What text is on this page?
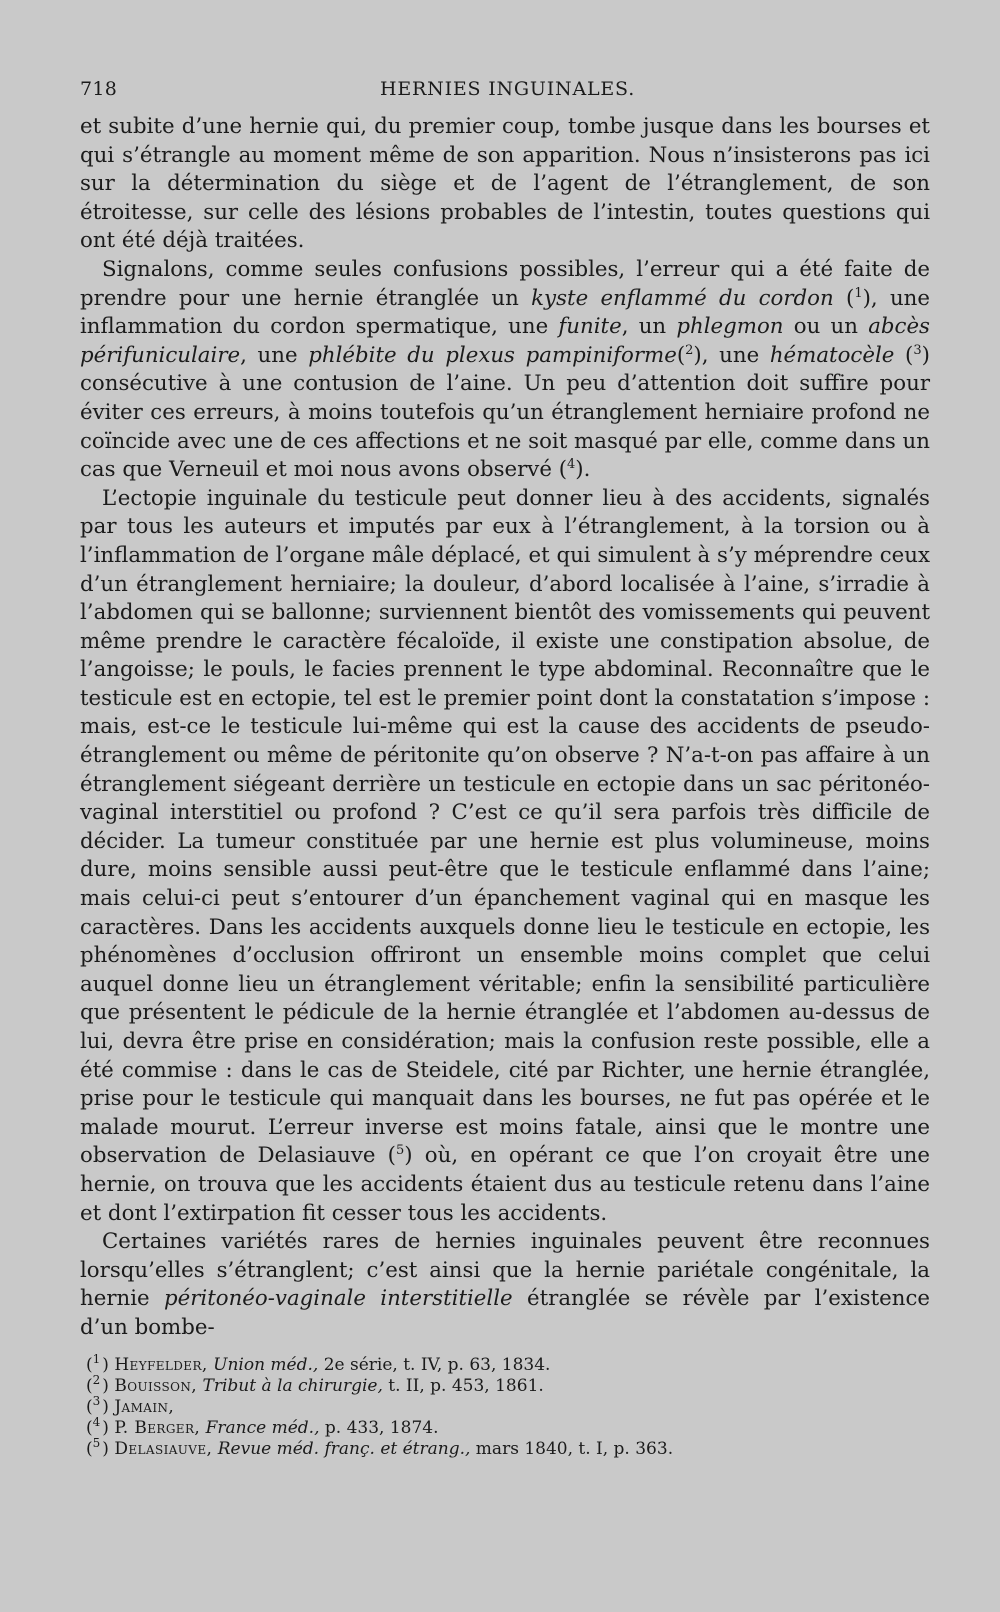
718	HERNIES INGUINALES.

et subite d’une hernie qui, du premier coup, tombe jusque dans les bourses et qui s’étrangle au moment même de son apparition. Nous n’insisterons pas ici sur la détermination du siège et de l’agent de l’étranglement, de son étroitesse, sur celle des lésions probables de l’intestin, toutes questions qui ont été déjà traitées.

Signalons, comme seules confusions possibles, l’erreur qui a été faite de prendre pour une hernie étranglée un kyste enflammé du cordon ($^1$), une inflammation du cordon spermatique, une funite, un phlegmon ou un abcès périfuniculaire, une phlébite du plexus pampiniforme($^2$), une hématocèle ($^3$) consécutive à une contusion de l’aine. Un peu d’attention doit suffire pour éviter ces erreurs, à moins toutefois qu’un étranglement herniaire profond ne coïncide avec une de ces affections et ne soit masqué par elle, comme dans un cas que Verneuil et moi nous avons observé ($^4$).

L’ectopie inguinale du testicule peut donner lieu à des accidents, signalés par tous les auteurs et imputés par eux à l’étranglement, à la torsion ou à l’inflammation de l’organe mâle déplacé, et qui simulent à s’y méprendre ceux d’un étranglement herniaire; la douleur, d’abord localisée à l’aine, s’irradie à l’abdomen qui se ballonne; surviennent bientôt des vomissements qui peuvent même prendre le caractère fécaloïde, il existe une constipation absolue, de l’angoisse; le pouls, le facies prennent le type abdominal. Reconnaître que le testicule est en ectopie, tel est le premier point dont la constatation s’impose : mais, est-ce le testicule lui-même qui est la cause des accidents de pseudo-étranglement ou même de péritonite qu’on observe ? N’a-t-on pas affaire à un étranglement siégeant derrière un testicule en ectopie dans un sac péritonéo-vaginal interstitiel ou profond ? C’est ce qu’il sera parfois très difficile de décider. La tumeur constituée par une hernie est plus volumineuse, moins dure, moins sensible aussi peut-être que le testicule enflammé dans l’aine; mais celui-ci peut s’entourer d’un épanchement vaginal qui en masque les caractères. Dans les accidents auxquels donne lieu le testicule en ectopie, les phénomènes d’occlusion offriront un ensemble moins complet que celui auquel donne lieu un étranglement véritable; enfin la sensibilité particulière que présentent le pédicule de la hernie étranglée et l’abdomen au-dessus de lui, devra être prise en considération; mais la confusion reste possible, elle a été commise : dans le cas de Steidele, cité par Richter, une hernie étranglée, prise pour le testicule qui manquait dans les bourses, ne fut pas opérée et le malade mourut. L’erreur inverse est moins fatale, ainsi que le montre une observation de Delasiauve ($^5$) où, en opérant ce que l’on croyait être une hernie, on trouva que les accidents étaient dus au testicule retenu dans l’aine et dont l’extirpation fit cesser tous les accidents.

Certaines variétés rares de hernies inguinales peuvent être reconnues lorsqu’elles s’étranglent; c’est ainsi que la hernie pariétale congénitale, la hernie péritonéo-vaginale interstitielle étranglée se révèle par l’existence d’un bombe-

($^1$ ) Heyfelder, Union méd., 2e série, t. IV, p. 63, 1834.
($^2$ ) Bouisson, Tribut à la chirurgie, t. II, p. 453, 1861.
($^3$ ) Jamain,
($^4$ ) P. Berger, France méd., p. 433, 1874.
($^5$ ) Delasiauve, Revue méd. franç. et étrang., mars 1840, t. I, p. 363.
